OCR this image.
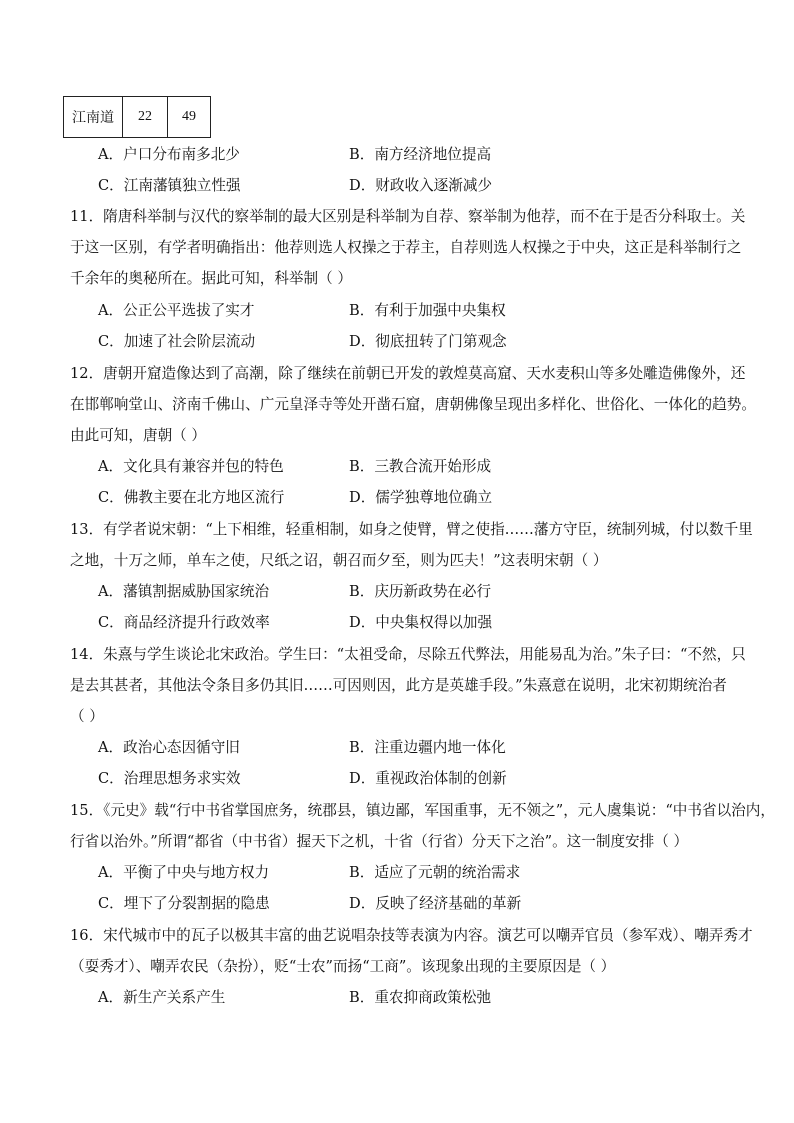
江南道	22	49
A．户口分布南多北少	B．南方经济地位提高
C．江南藩镇独立性强	D．财政收入逐渐减少
11．隋唐科举制与汉代的察举制的最大区别是科举制为自荐、察举制为他荐，而不在于是否分科取士。关
于这一区别，有学者明确指出：他荐则选人权操之于荐主，自荐则选人权操之于中央，这正是科举制行之
千余年的奥秘所在。据此可知，科举制（ ）
A．公正公平选拔了实才	B．有利于加强中央集权
C．加速了社会阶层流动	D．彻底扭转了门第观念
12．唐朝开窟造像达到了高潮，除了继续在前朝已开发的敦煌莫高窟、天水麦积山等多处雕造佛像外，还
在邯郸响堂山、济南千佛山、广元皇泽寺等处开凿石窟，唐朝佛像呈现出多样化、世俗化、一体化的趋势。
由此可知，唐朝（ ）
A．文化具有兼容并包的特色	B．三教合流开始形成
C．佛教主要在北方地区流行	D．儒学独尊地位确立
13．有学者说宋朝：“上下相维，轻重相制，如身之使臂，臂之使指……藩方守臣，统制列城，付以数千里
之地，十万之师，单车之使，尺纸之诏，朝召而夕至，则为匹夫！”这表明宋朝（ ）
A．藩镇割据威胁国家统治	B．庆历新政势在必行
C．商品经济提升行政效率	D．中央集权得以加强
14．朱熹与学生谈论北宋政治。学生曰：“太祖受命，尽除五代弊法，用能易乱为治。”朱子曰：“不然，只
是去其甚者，其他法令条目多仍其旧……可因则因，此方是英雄手段。”朱熹意在说明，北宋初期统治者
（ ）
A．政治心态因循守旧	B．注重边疆内地一体化
C．治理思想务求实效	D．重视政治体制的创新
15．《元史》载“行中书省掌国庶务，统郡县，镇边鄙，军国重事，无不领之”，元人虞集说：“中书省以治内，
行省以治外。”所谓“都省（中书省）握天下之机，十省（行省）分天下之治”。这一制度安排（ ）
A．平衡了中央与地方权力	B．适应了元朝的统治需求
C．埋下了分裂割据的隐患	D．反映了经济基础的革新
16．宋代城市中的瓦子以极其丰富的曲艺说唱杂技等表演为内容。演艺可以嘲弄官员（参军戏）、嘲弄秀才
（耍秀才）、嘲弄农民（杂扮），贬“士农”而扬“工商”。该现象出现的主要原因是（ ）
A．新生产关系产生	B．重农抑商政策松弛
